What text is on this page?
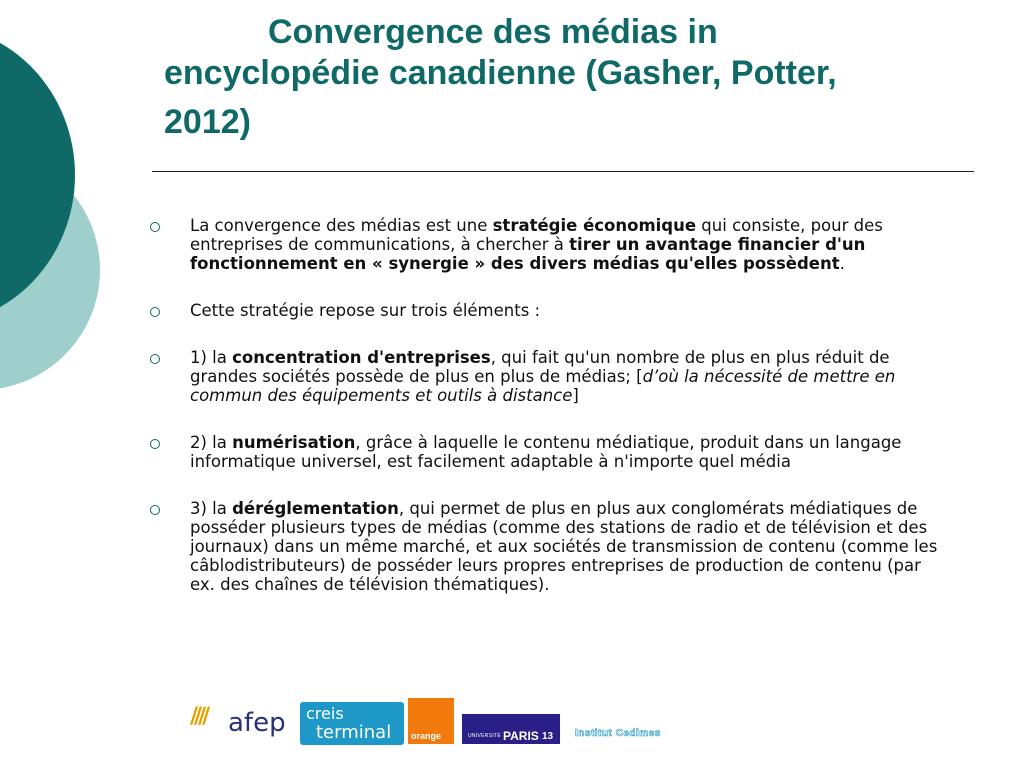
Convergence des médias in
encyclopédie canadienne (Gasher, Potter,
2012)
La convergence des médias est une stratégie économique qui consiste, pour des entreprises de communications, à chercher à tirer un avantage financier d'un fonctionnement en « synergie » des divers médias qu'elles possèdent.
Cette stratégie repose sur trois éléments :
1) la concentration d'entreprises, qui fait qu'un nombre de plus en plus réduit de grandes sociétés possède de plus en plus de médias; [d’où la nécessité de mettre en commun des équipements et outils à distance]
2) la numérisation, grâce à laquelle le contenu médiatique, produit dans un langage informatique universel, est facilement adaptable à n'importe quel média
3) la déréglementation, qui permet de plus en plus aux conglomérats médiatiques de posséder plusieurs types de médias (comme des stations de radio et de télévision et des journaux) dans un même marché, et aux sociétés de transmission de contenu (comme les câblodistributeurs) de posséder leurs propres entreprises de production de contenu (par ex. des chaînes de télévision thématiques).
//// afep creis
terminal orange	UNIVERSITÉ PARIS 13 Institut Cedimes
